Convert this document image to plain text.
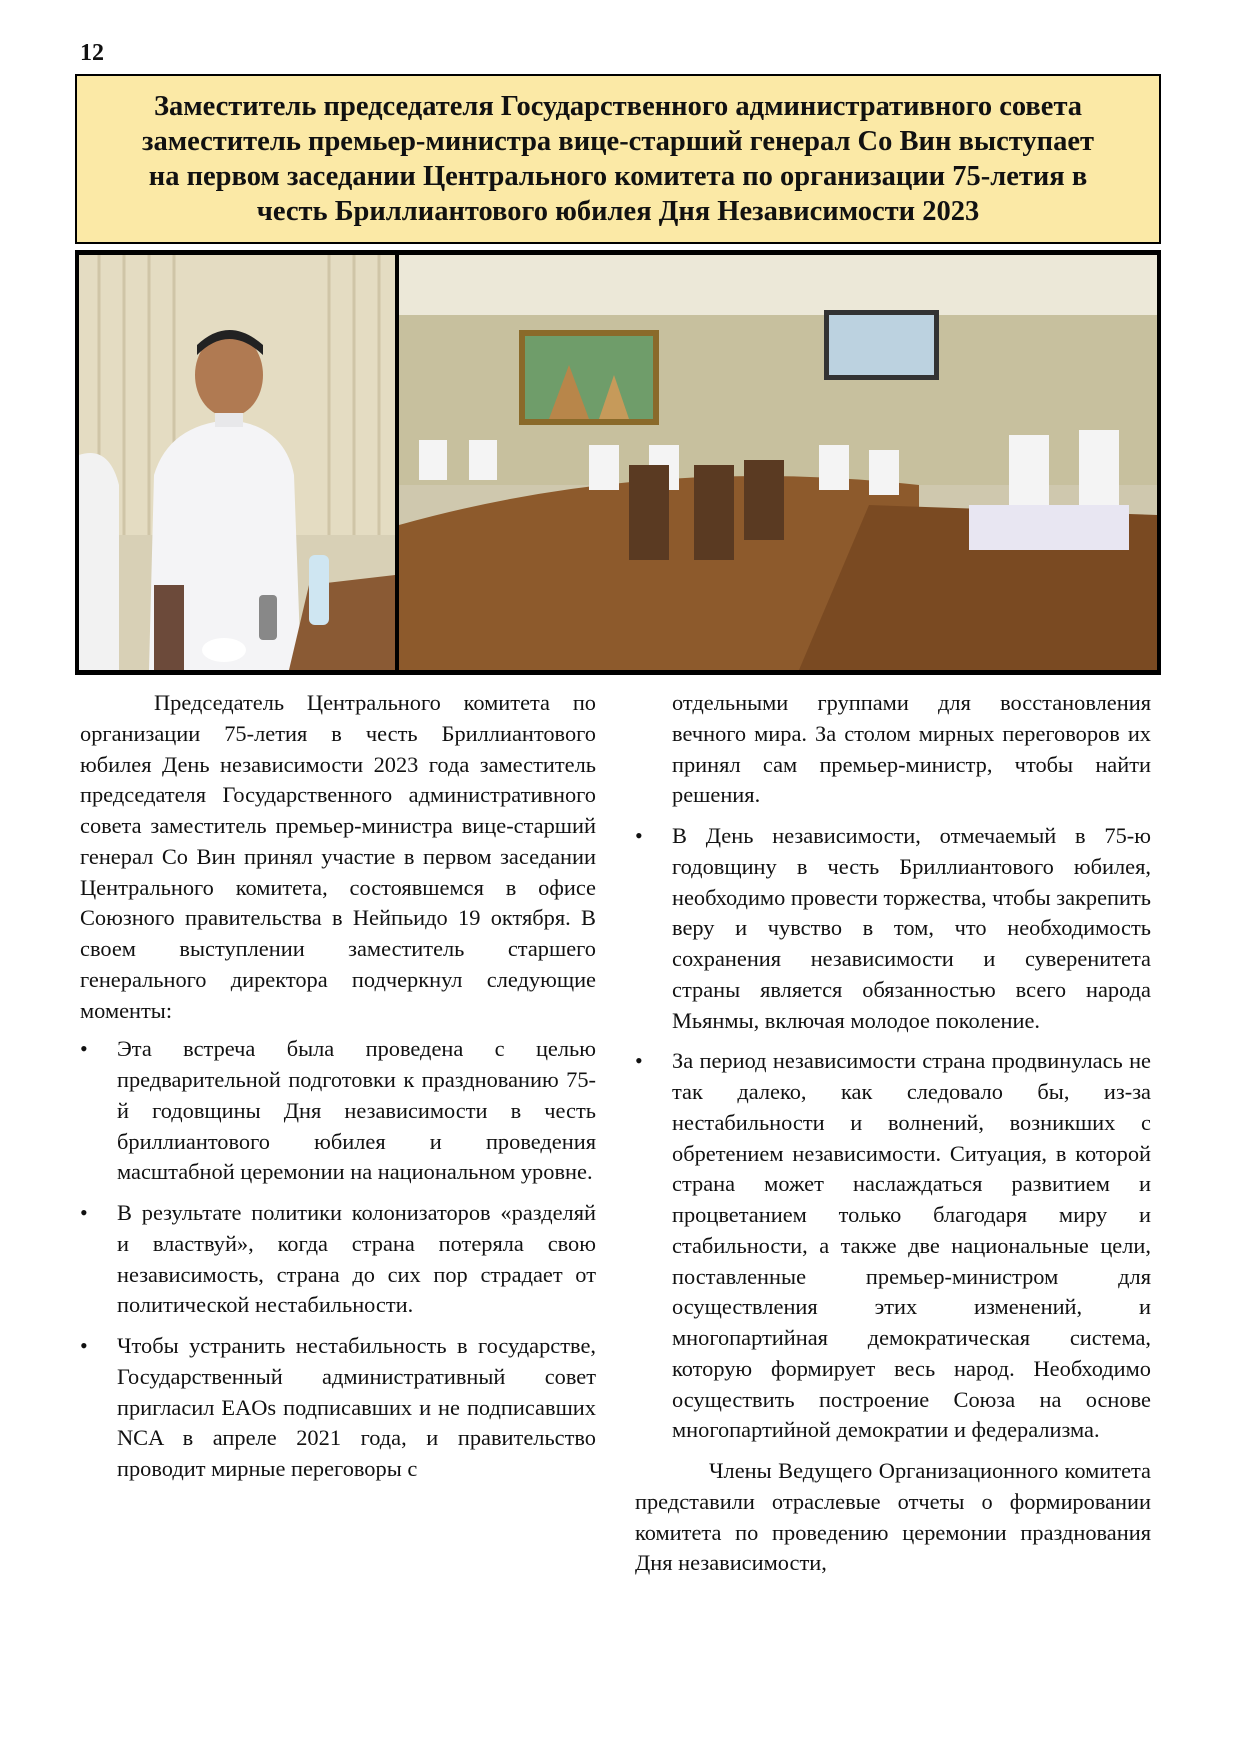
12
Заместитель председателя Государственного административного совета
заместитель премьер-министра вице-старший генерал Со Вин выступает
на первом заседании Центрального комитета по организации 75-летия в
честь Бриллиантового юбилея Дня Независимости 2023

Председатель Центрального комитета по организации 75-летия в честь Бриллиантового юбилея День независимости 2023 года заместитель председателя Государственного административного совета заместитель премьер-министра вице-старший генерал Со Вин принял участие в первом заседании Центрального комитета, состоявшемся в офисе Союзного правительства в Нейпьидо 19 октября. В своем выступлении заместитель старшего генерального директора подчеркнул следующие моменты:

• Эта встреча была проведена с целью предварительной подготовки к празднованию 75-й годовщины Дня независимости в честь бриллиантового юбилея и проведения масштабной церемонии на национальном уровне.
• В результате политики колонизаторов «разделяй и властвуй», когда страна потеряла свою независимость, страна до сих пор страдает от политической нестабильности.
• Чтобы устранить нестабильность в государстве, Государственный административный совет пригласил EAOs подписавших и не подписавших NCA в апреле 2021 года, и правительство проводит мирные переговоры с

отдельными группами для восстановления вечного мира. За столом мирных переговоров их принял сам премьер-министр, чтобы найти решения.

• В День независимости, отмечаемый в 75-ю годовщину в честь Бриллиантового юбилея, необходимо провести торжества, чтобы закрепить веру и чувство в том, что необходимость сохранения независимости и суверенитета страны является обязанностью всего народа Мьянмы, включая молодое поколение.
• За период независимости страна продвинулась не так далеко, как следовало бы, из-за нестабильности и волнений, возникших с обретением независимости. Ситуация, в которой страна может наслаждаться развитием и процветанием только благодаря миру и стабильности, а также две национальные цели, поставленные премьер-министром для осуществления этих изменений, и многопартийная демократическая система, которую формирует весь народ. Необходимо осуществить построение Союза на основе многопартийной демократии и федерализма.

Члены Ведущего Организационного комитета представили отраслевые отчеты о формировании комитета по проведению церемонии празднования Дня независимости,
